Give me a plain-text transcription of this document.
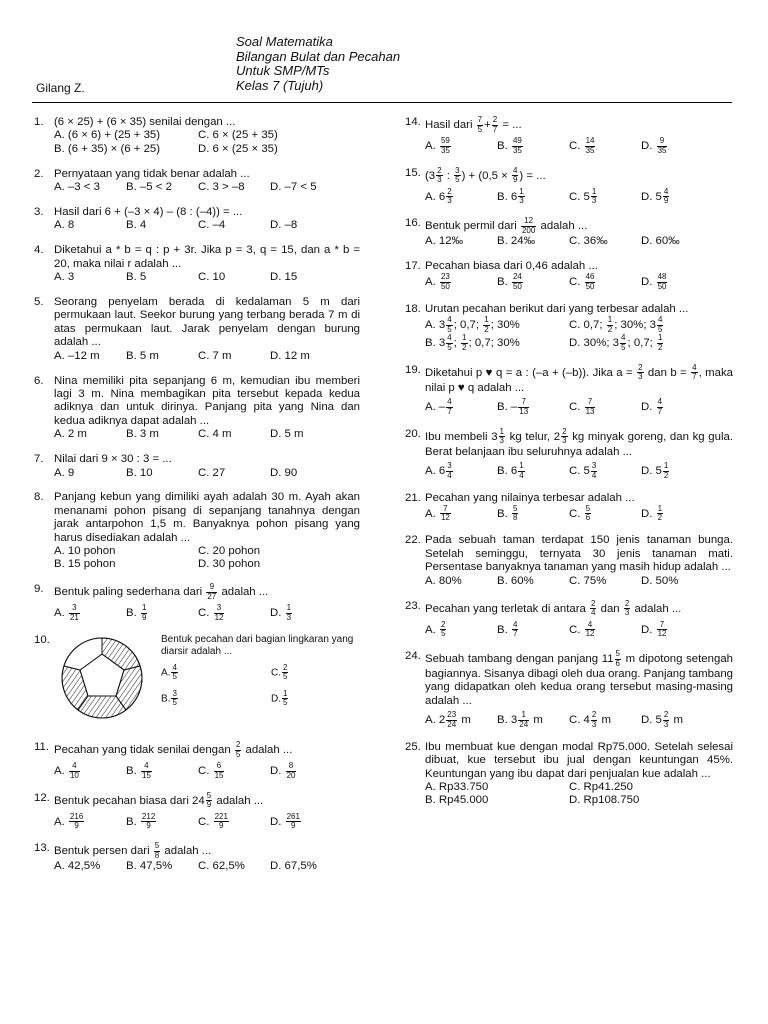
Soal Matematika
Bilangan Bulat dan Pecahan
Untuk SMP/MTs
Kelas 7 (Tujuh)
Gilang Z.
1. (6 × 25) + (6 × 35) senilai dengan ...
A. (6 × 6) + (25 + 35)	C. 6 × (25 + 35)
B. (6 + 35) × (6 + 25)	D. 6 × (25 × 35)
2. Pernyataan yang tidak benar adalah ...
A. –3 < 3	B. –5 < 2	C. 3 > –8	D. –7 < 5
3. Hasil dari 6 + (–3 × 4) – (8 : (–4)) = ...
A. 8	B. 4	C. –4	D. –8
4. Diketahui a * b = q : p + 3r. Jika p = 3, q = 15, dan a * b = 20, maka nilai r adalah ...
A. 3	B. 5	C. 10	D. 15
5. Seorang penyelam berada di kedalaman 5 m dari permukaan laut. Seekor burung yang terbang berada 7 m di atas permukaan laut. Jarak penyelam dengan burung adalah ...
A. –12 m	B. 5 m	C. 7 m	D. 12 m
6. Nina memiliki pita sepanjang 6 m, kemudian ibu memberi lagi 3 m. Nina membagikan pita tersebut kepada kedua adiknya dan untuk dirinya. Panjang pita yang Nina dan kedua adiknya dapat adalah ...
A. 2 m	B. 3 m	C. 4 m	D. 5 m
7. Nilai dari 9 × 30 : 3 = ...
A. 9	B. 10	C. 27	D. 90
8. Panjang kebun yang dimiliki ayah adalah 30 m. Ayah akan menanami pohon pisang di sepanjang tanahnya dengan jarak antarpohon 1,5 m. Banyaknya pohon pisang yang harus disediakan adalah ...
A. 10 pohon	C. 20 pohon
B. 15 pohon	D. 30 pohon
9. Bentuk paling sederhana dari $\frac{9}{27}$ adalah ...
A. $\frac{3}{21}$	B. $\frac{1}{9}$	C. $\frac{3}{12}$	D. $\frac{1}{3}$
10.	Bentuk pecahan dari bagian lingkaran yang diarsir adalah ...
A. $\frac{4}{5}$	C. $\frac{2}{5}$
B. $\frac{3}{5}$	D. $\frac{1}{5}$
11. Pecahan yang tidak senilai dengan $\frac{2}{5}$ adalah ...
A. $\frac{4}{10}$	B. $\frac{4}{15}$	C. $\frac{6}{15}$	D. $\frac{8}{20}$
12. Bentuk pecahan biasa dari $24 \frac{5}{9}$ adalah ...
A. $\frac{216}{9}$	B. $\frac{212}{9}$	C. $\frac{221}{9}$	D. $\frac{261}{9}$
13. Bentuk persen dari $\frac{5}{8}$ adalah ...
A. 42,5%	B. 47,5%	C. 62,5%	D. 67,5%
14. Hasil dari $\frac{7}{5} + \frac{2}{7}$ = ...
A. $\frac{59}{35}$	B. $\frac{49}{35}$	C. $\frac{14}{35}$	D. $\frac{9}{35}$
15. ($3 \frac{2}{3}$ : $\frac{3}{5}$ ) + ($0,5 \times \frac{4}{9}$ ) = ...
A. $6 \frac{2}{3}$	B. $6 \frac{1}{3}$	C. $5 \frac{1}{3}$	D. $5 \frac{4}{9}$
16. Bentuk permil dari $\frac{12}{200}$ adalah ...
A. 12‰	B. 24‰	C. 36‰	D. 60‰
17. Pecahan biasa dari 0,46 adalah ...
A. $\frac{23}{50}$	B. $\frac{24}{50}$	C. $\frac{46}{50}$	D. $\frac{48}{50}$
18. Urutan pecahan berikut dari yang terbesar adalah ...
A. $3 \frac{4}{5}$ ; 0,7; $\frac{1}{2}$ ; 30%	C. 0,7; $\frac{1}{2}$ ; 30%; $3 \frac{4}{5}$
B. $3 \frac{4}{5}$ ; $\frac{1}{2}$ ; 0,7; 30%	D. 30%; $3 \frac{4}{5}$ ; 0,7; $\frac{1}{2}$
19. Diketahui p ♥ q = a : (–a + (–b)). Jika $a = \frac{2}{3}$ dan $b = \frac{4}{7}$ , maka nilai p ♥ q adalah ...
A. – $\frac{4}{7}$	B. – $\frac{7}{13}$	C. $\frac{7}{13}$	D. $\frac{4}{7}$
20. Ibu membeli $3 \frac{1}{3}$ kg telur, $2 \frac{2}{3}$ kg minyak goreng, dan kg gula. Berat belanjaan ibu seluruhnya adalah ...
A. $6 \frac{3}{4}$	B. $6 \frac{1}{4}$	C. $5 \frac{3}{4}$	D. $5 \frac{1}{2}$
21. Pecahan yang nilainya terbesar adalah ...
A. $\frac{7}{12}$	B. $\frac{5}{8}$	C. $\frac{5}{6}$	D. $\frac{1}{2}$
22. Pada sebuah taman terdapat 150 jenis tanaman bunga. Setelah seminggu, ternyata 30 jenis tanaman mati. Persentase banyaknya tanaman yang masih hidup adalah ...
A. 80%	B. 60%	C. 75%	D. 50%
23. Pecahan yang terletak di antara $\frac{2}{4}$ dan $\frac{2}{3}$ adalah ...
A. $\frac{2}{5}$	B. $\frac{4}{7}$	C. $\frac{4}{12}$	D. $\frac{7}{12}$
24. Sebuah tambang dengan panjang $11 \frac{5}{6}$ m dipotong setengah bagiannya. Sisanya dibagi oleh dua orang. Panjang tambang yang didapatkan oleh kedua orang tersebut masing-masing adalah ...
A. $2 \frac{23}{24}$ m	B. $3 \frac{1}{24}$ m	C. $4 \frac{2}{3}$ m	D. $5 \frac{2}{3}$ m
25. Ibu membuat kue dengan modal Rp75.000. Setelah selesai dibuat, kue tersebut ibu jual dengan keuntungan 45%. Keuntungan yang ibu dapat dari penjualan kue adalah ...
A. Rp33.750	C. Rp41.250
B. Rp45.000	D. Rp108.750
